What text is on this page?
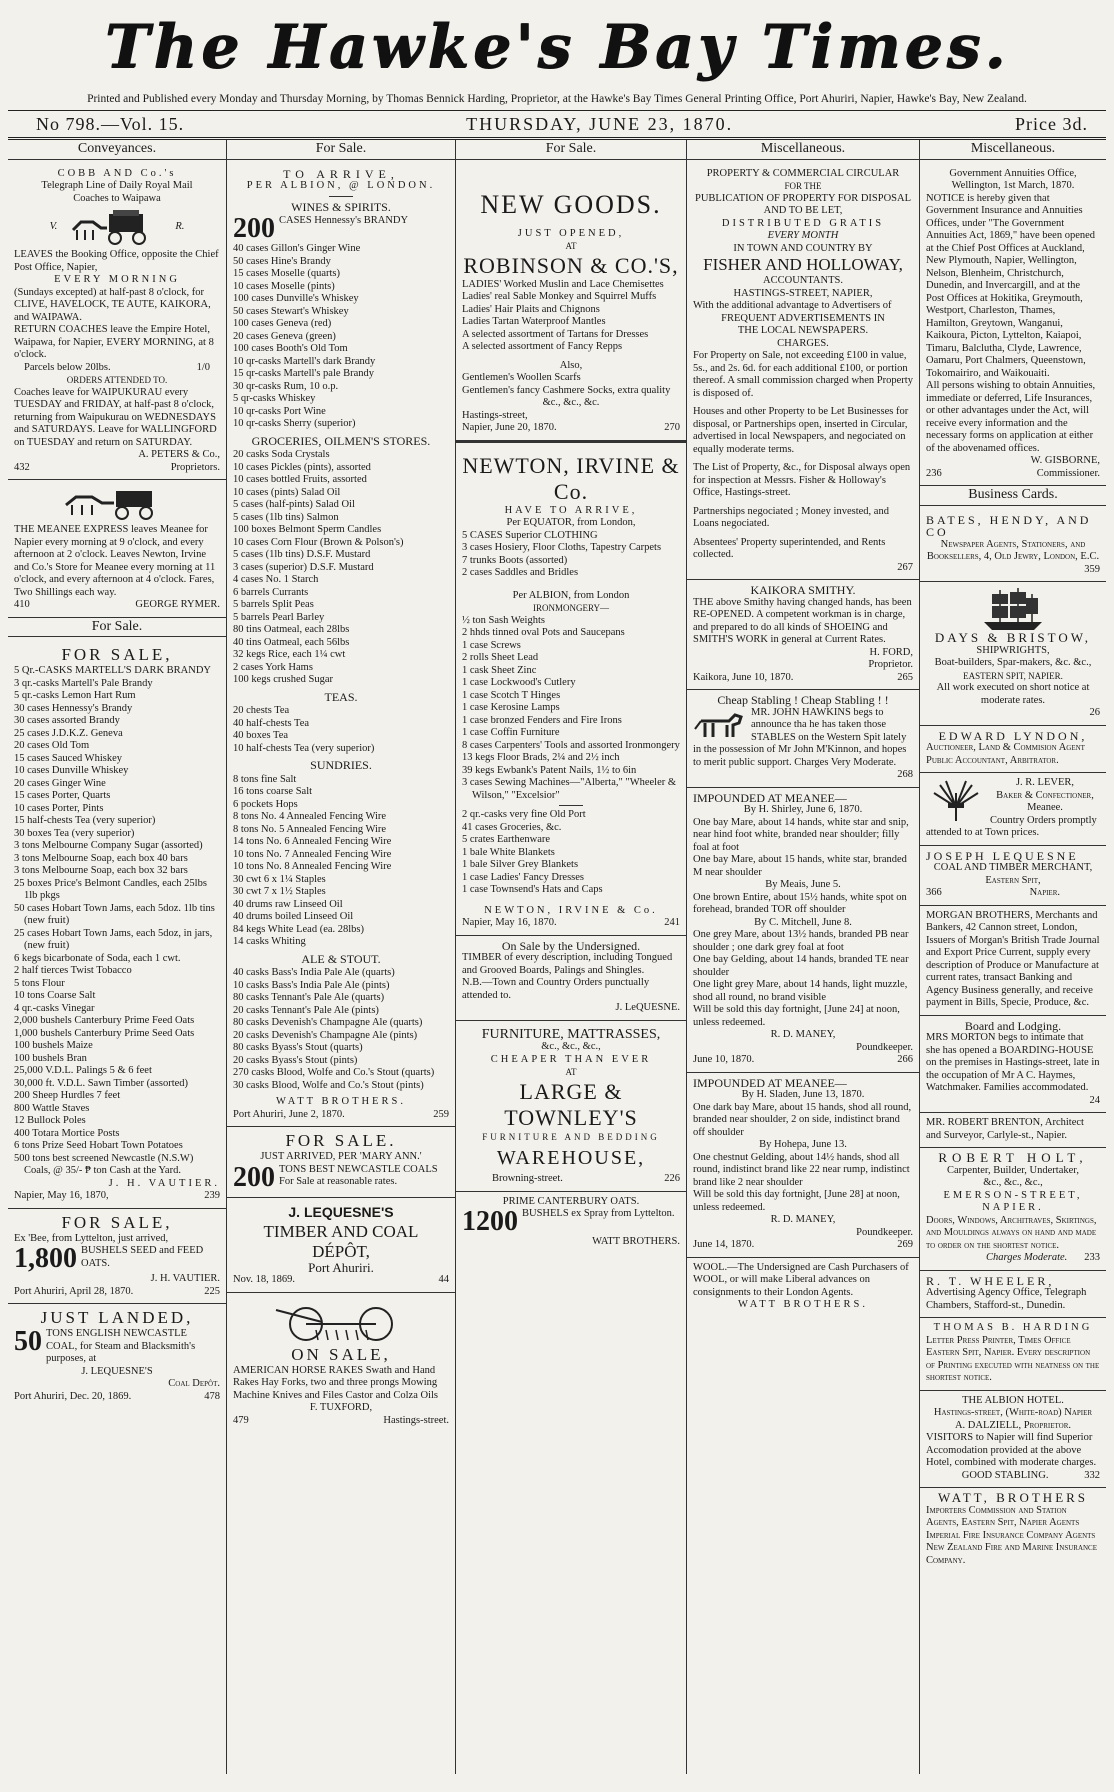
The Hawke's Bay Times.
Printed and Published every Monday and Thursday Morning, by Thomas Bennick Harding, Proprietor, at the Hawke's Bay Times General Printing Office, Port Ahuriri, Napier, Hawke's Bay, New Zealand.
No 798.—Vol. 15.	THURSDAY, JUNE 23, 1870.	Price 3d.
Conveyances.
COBB AND Co.'s
Telegraph Line of Daily Royal Mail
Coaches to Waipawa
V.	R.
LEAVES the Booking Office, opposite the Chief Post Office, Napier,
EVERY MORNING
(Sundays excepted) at half-past 8 o'clock, for CLIVE, HAVELOCK, TE AUTE, KAIKORA, and WAIPAWA.
RETURN COACHES leave the Empire Hotel, Waipawa, for Napier, EVERY MORNING, at 8 o'clock.
Parcels below 20lbs.	1/0
ORDERS ATTENDED TO.
Coaches leave for WAIPUKURAU every TUESDAY and FRIDAY, at half-past 8 o'clock, returning from Waipukurau on WEDNESDAYS and SATURDAYS. Leave for WALLINGFORD on TUESDAY and return on SATURDAY.
A. PETERS & Co.,
432	Proprietors.
THE MEANEE EXPRESS leaves Meanee for Napier every morning at 9 o'clock, and every afternoon at 2 o'clock. Leaves Newton, Irvine and Co.'s Store for Meanee every morning at 11 o'clock, and every afternoon at 4 o'clock. Fares, Two Shillings each way.
410	GEORGE RYMER.
For Sale.
FOR SALE,
5 Qr.-CASKS MARTELL'S DARK BRANDY
3 qr.-casks Martell's Pale Brandy
5 qr.-casks Lemon Hart Rum
30 cases Hennessy's Brandy
30 cases assorted Brandy
25 cases J.D.K.Z. Geneva
20 cases Old Tom
15 cases Sauced Whiskey
10 cases Dunville Whiskey
20 cases Ginger Wine
15 cases Porter, Quarts
10 cases Porter, Pints
15 half-chests Tea (very superior)
30 boxes Tea (very superior)
3 tons Melbourne Company Sugar (assorted)
3 tons Melbourne Soap, each box 40 bars
3 tons Melbourne Soap, each box 32 bars
25 boxes Price's Belmont Candles, each 25lbs 1lb pkgs
50 cases Hobart Town Jams, each 5doz. 1lb tins (new fruit)
25 cases Hobart Town Jams, each 5doz, in jars, (new fruit)
6 kegs bicarbonate of Soda, each 1 cwt.
2 half tierces Twist Tobacco
5 tons Flour
10 tons Coarse Salt
4 qr.-casks Vinegar
2,000 bushels Canterbury Prime Feed Oats
1,000 bushels Canterbury Prime Seed Oats
100 bushels Maize
100 bushels Bran
25,000 V.D.L. Palings 5 & 6 feet
30,000 ft. V.D.L. Sawn Timber (assorted)
200 Sheep Hurdles 7 feet
800 Wattle Staves
12 Bullock Poles
400 Totara Mortice Posts
6 tons Prize Seed Hobart Town Potatoes
500 tons best screened Newcastle (N.S.W) Coals, @ 35/- ₱ ton Cash at the Yard.
J. H. VAUTIER.
Napier, May 16, 1870,	239
FOR SALE,
Ex 'Bee, from Lyttelton, just arrived,
1,800 BUSHELS SEED and FEED OATS.
J. H. VAUTIER.
Port Ahuriri, April 28, 1870.	225
JUST LANDED,
50 TONS ENGLISH NEWCASTLE COAL, for Steam and Blacksmith's purposes, at
J. LEQUESNE'S
Coal Depôt.
Port Ahuriri, Dec. 20, 1869.	478
For Sale.
TO ARRIVE,
PER ALBION, @ LONDON.
WINES & SPIRITS.
200 CASES Hennessy's BRANDY
40 cases Gillon's Ginger Wine
50 cases Hine's Brandy
15 cases Moselle (quarts)
10 cases Moselle (pints)
100 cases Dunville's Whiskey
50 cases Stewart's Whiskey
100 cases Geneva (red)
20 cases Geneva (green)
100 cases Booth's Old Tom
10 qr-casks Martell's dark Brandy
15 qr-casks Martell's pale Brandy
30 qr-casks Rum, 10 o.p.
5 qr-casks Whiskey
10 qr-casks Port Wine
10 qr-casks Sherry (superior)
GROCERIES, OILMEN'S STORES.
20 casks Soda Crystals
10 cases Pickles (pints), assorted
10 cases bottled Fruits, assorted
10 cases (pints) Salad Oil
5 cases (half-pints) Salad Oil
5 cases (1lb tins) Salmon
100 boxes Belmont Sperm Candles
10 cases Corn Flour (Brown & Polson's)
5 cases (1lb tins) D.S.F. Mustard
3 cases (superior) D.S.F. Mustard
4 cases No. 1 Starch
6 barrels Currants
5 barrels Split Peas
5 barrels Pearl Barley
80 tins Oatmeal, each 28lbs
40 tins Oatmeal, each 56lbs
32 kegs Rice, each 1¼ cwt
2 cases York Hams
100 kegs crushed Sugar
TEAS.
20 chests Tea
40 half-chests Tea
40 boxes Tea
10 half-chests Tea (very superior)
SUNDRIES.
8 tons fine Salt
16 tons coarse Salt
6 pockets Hops
8 tons No. 4 Annealed Fencing Wire
8 tons No. 5 Annealed Fencing Wire
14 tons No. 6 Annealed Fencing Wire
10 tons No. 7 Annealed Fencing Wire
10 tons No. 8 Annealed Fencing Wire
30 cwt 6 x 1¼ Staples
30 cwt 7 x 1½ Staples
40 drums raw Linseed Oil
40 drums boiled Linseed Oil
84 kegs White Lead (ea. 28lbs)
14 casks Whiting
ALE & STOUT.
40 casks Bass's India Pale Ale (quarts)
10 casks Bass's India Pale Ale (pints)
80 casks Tennant's Pale Ale (quarts)
20 casks Tennant's Pale Ale (pints)
80 casks Devenish's Champagne Ale (quarts)
20 casks Devenish's Champagne Ale (pints)
80 casks Byass's Stout (quarts)
20 casks Byass's Stout (pints)
270 casks Blood, Wolfe and Co.'s Stout (quarts)
30 casks Blood, Wolfe and Co.'s Stout (pints)
WATT BROTHERS.
Port Ahuriri, June 2, 1870.	259
FOR SALE.
JUST ARRIVED, PER 'MARY ANN.'
200 TONS BEST NEWCASTLE COALS For Sale at reasonable rates.
J. LEQUESNE'S
TIMBER AND COAL DÉPÔT,
Port Ahuriri.
Nov. 18, 1869.	44
ON SALE,
AMERICAN HORSE RAKES Swath and Hand Rakes Hay Forks, two and three prongs Mowing Machine Knives and Files Castor and Colza Oils
F. TUXFORD,
479	Hastings-street.
For Sale.
NEW GOODS.
JUST OPENED,
AT
ROBINSON & CO.'S,
LADIES' Worked Muslin and Lace Chemisettes
Ladies' real Sable Monkey and Squirrel Muffs
Ladies' Hair Plaits and Chignons
Ladies Tartan Waterproof Mantles
A selected assortment of Tartans for Dresses
A selected assortment of Fancy Repps
Also,
Gentlemen's Woollen Scarfs
Gentlemen's fancy Cashmere Socks, extra quality
&c., &c., &c.
Hastings-street,
Napier, June 20, 1870.	270
NEWTON, IRVINE & Co.
HAVE TO ARRIVE,
Per EQUATOR, from London,
5 CASES Superior CLOTHING
3 cases Hosiery, Floor Cloths, Tapestry Carpets
7 trunks Boots (assorted)
2 cases Saddles and Bridles
Per ALBION, from London
IRONMONGERY—
½ ton Sash Weights
2 hhds tinned oval Pots and Saucepans
1 case Screws
2 rolls Sheet Lead
1 cask Sheet Zinc
1 case Lockwood's Cutlery
1 case Scotch T Hinges
1 case Kerosine Lamps
1 case bronzed Fenders and Fire Irons
1 case Coffin Furniture
8 cases Carpenters' Tools and assorted Ironmongery
13 kegs Floor Brads, 2¼ and 2½ inch
39 kegs Ewbank's Patent Nails, 1½ to 6in
3 cases Sewing Machines—"Alberta," "Wheeler & Wilson," "Excelsior"
2 qr.-casks very fine Old Port
41 cases Groceries, &c.
5 crates Earthenware
1 bale White Blankets
1 bale Silver Grey Blankets
1 case Ladies' Fancy Dresses
1 case Townsend's Hats and Caps
NEWTON, IRVINE & Co.
Napier, May 16, 1870.	241
On Sale by the Undersigned.
TIMBER of every description, including Tongued and Grooved Boards, Palings and Shingles.
N.B.—Town and Country Orders punctually attended to.
J. LeQUESNE.
FURNITURE, MATTRASSES,
&c., &c., &c.,
CHEAPER THAN EVER
AT
LARGE & TOWNLEY'S
FURNITURE AND BEDDING
WAREHOUSE,
Browning-street.	226
PRIME CANTERBURY OATS.
1200 BUSHELS ex Spray from Lyttelton.
WATT BROTHERS.
Miscellaneous.
PROPERTY & COMMERCIAL CIRCULAR
FOR THE
PUBLICATION OF PROPERTY FOR DISPOSAL AND TO BE LET,
DISTRIBUTED GRATIS
EVERY MONTH
IN TOWN AND COUNTRY BY
FISHER AND HOLLOWAY,
ACCOUNTANTS.
HASTINGS-STREET, NAPIER,
With the additional advantage to Advertisers of
FREQUENT ADVERTISEMENTS IN
THE LOCAL NEWSPAPERS.
CHARGES.
For Property on Sale, not exceeding £100 in value, 5s., and 2s. 6d. for each additional £100, or portion thereof. A small commission charged when Property is disposed of.
Houses and other Property to be Let Businesses for disposal, or Partnerships open, inserted in Circular, advertised in local Newspapers, and negociated on equally moderate terms.
The List of Property, &c., for Disposal always open for inspection at Messrs. Fisher & Holloway's Office, Hastings-street.
Partnerships negociated ; Money invested, and Loans negociated.
Absentees' Property superintended, and Rents collected.
267
KAIKORA SMITHY.
THE above Smithy having changed hands, has been RE-OPENED. A competent workman is in charge, and prepared to do all kinds of SHOEING and SMITH'S WORK in general at Current Rates.
H. FORD,
Proprietor.
Kaikora, June 10, 1870.	265
Cheap Stabling ! Cheap Stabling ! !
MR. JOHN HAWKINS begs to announce tha he has taken those STABLES on the Western Spit lately in the possession of Mr John M'Kinnon, and hopes to merit public support. Charges Very Moderate.
268
IMPOUNDED AT MEANEE—
By H. Shirley, June 6, 1870.
One bay Mare, about 14 hands, white star and snip, near hind foot white, branded near shoulder; filly foal at foot
One bay Mare, about 15 hands, white star, branded M near shoulder
By Meais, June 5.
One brown Entire, about 15½ hands, white spot on forehead, branded TOR off shoulder
By C. Mitchell, June 8.
One grey Mare, about 13½ hands, branded PB near shoulder ; one dark grey foal at foot
One bay Gelding, about 14 hands, branded TE near shoulder
One light grey Mare, about 14 hands, light muzzle, shod all round, no brand visible
Will be sold this day fortnight, [June 24] at noon, unless redeemed.
R. D. MANEY,
Poundkeeper.
June 10, 1870.	266
IMPOUNDED AT MEANEE—
By H. Sladen, June 13, 1870.
One dark bay Mare, about 15 hands, shod all round, branded near shoulder, 2 on side, indistinct brand off shoulder
By Hohepa, June 13.
One chestnut Gelding, about 14½ hands, shod all round, indistinct brand like 22 near rump, indistinct brand like 2 near shoulder
Will be sold this day fortnight, [June 28] at noon, unless redeemed.
R. D. MANEY,
Poundkeeper.
June 14, 1870.	269
WOOL.—The Undersigned are Cash Purchasers of WOOL, or will make Liberal advances on consignments to their London Agents.
WATT BROTHERS.
Miscellaneous.
Government Annuities Office, Wellington, 1st March, 1870.
NOTICE is hereby given that Government Insurance and Annuities Offices, under "The Government Annuities Act, 1869," have been opened at the Chief Post Offices at Auckland, New Plymouth, Napier, Wellington, Nelson, Blenheim, Christchurch, Dunedin, and Invercargill, and at the Post Offices at Hokitika, Greymouth, Westport, Charleston, Thames, Hamilton, Greytown, Wanganui, Kaikoura, Picton, Lyttelton, Kaiapoi, Timaru, Balclutha, Clyde, Lawrence, Oamaru, Port Chalmers, Queenstown, Tokomairiro, and Waikouaiti.
All persons wishing to obtain Annuities, immediate or deferred, Life Insurances, or other advantages under the Act, will receive every information and the necessary forms on application at either of the abovenamed offices.
W. GISBORNE,
236	Commissioner.
Business Cards.
BATES, HENDY, AND CO
Newspaper Agents, Stationers, and Booksellers, 4, Old Jewry, London, E.C.
359
DAYS & BRISTOW,
SHIPWRIGHTS,
Boat-builders, Spar-makers, &c. &c.,
EASTERN SPIT, NAPIER.
All work executed on short notice at moderate rates.
26
EDWARD LYNDON,
Auctioneer, Land & Commision Agent Public Accountant, Arbitrator.
J. R. LEVER,
Baker & Confectioner,
Meanee.
Country Orders promptly attended to at Town prices.
JOSEPH LEQUESNE
COAL AND TIMBER MERCHANT,
Eastern Spit,
366	Napier.
MORGAN BROTHERS, Merchants and Bankers, 42 Cannon street, London, Issuers of Morgan's British Trade Journal and Export Price Current, supply every description of Produce or Manufacture at current rates, transact Banking and Agency Business generally, and receive payment in Bills, Specie, Produce, &c.
Board and Lodging.
MRS MORTON begs to intimate that she has opened a BOARDING-HOUSE on the premises in Hastings-street, late in the occupation of Mr A C. Haymes, Watchmaker. Families accommodated.
24
MR. ROBERT BRENTON, Architect and Surveyor, Carlyle-st., Napier.
ROBERT HOLT,
Carpenter, Builder, Undertaker,
&c., &c., &c.,
EMERSON-STREET, NAPIER.
Doors, Windows, Architraves, Skirtings, and Mouldings always on hand and made to order on the shortest notice.
Charges Moderate. 233
R. T. WHEELER,
Advertising Agency Office, Telegraph Chambers, Stafford-st., Dunedin.
THOMAS B. HARDING
Letter Press Printer, Times Office Eastern Spit, Napier. Every description of Printing executed with neatness on the shortest notice.
THE ALBION HOTEL.
Hastings-street, (White-road) Napier
A. DALZIELL, Proprietor.
VISITORS to Napier will find Superior Accomodation provided at the above Hotel, combined with moderate charges.
GOOD STABLING.	332
WATT, BROTHERS
Importers Commission and Station Agents, Eastern Spit, Napier Agents Imperial Fire Insurance Company Agents New Zealand Fire and Marine Insurance Company.
